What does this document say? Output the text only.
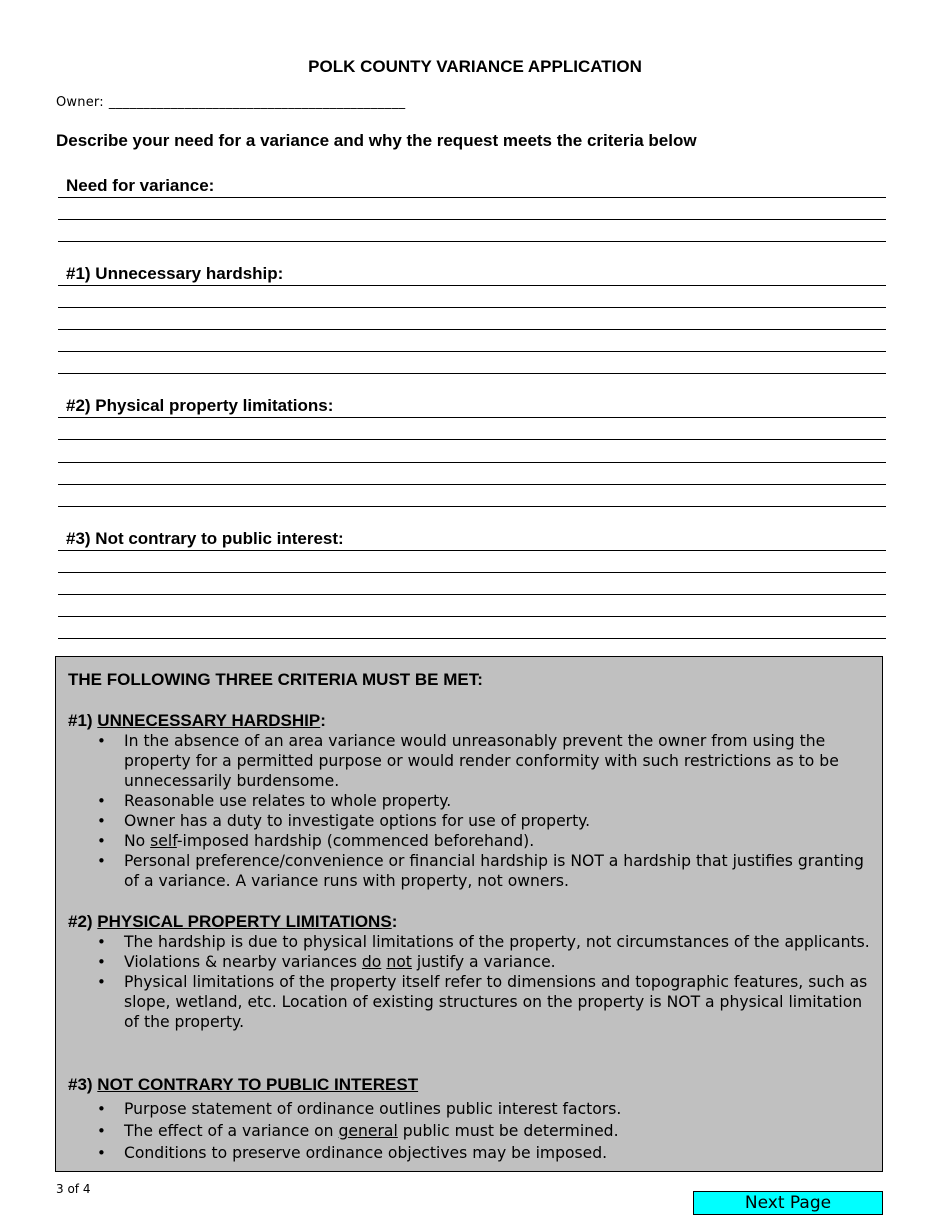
POLK COUNTY VARIANCE APPLICATION
Owner: ___________________________________________
Describe your need for a variance and why the request meets the criteria below
Need for variance:
#1) Unnecessary hardship:
#2) Physical property limitations:
#3) Not contrary to public interest:
THE FOLLOWING THREE CRITERIA MUST BE MET:
#1) UNNECESSARY HARDSHIP:
• In the absence of an area variance would unreasonably prevent the owner from using the property for a permitted purpose or would render conformity with such restrictions as to be unnecessarily burdensome.
• Reasonable use relates to whole property.
• Owner has a duty to investigate options for use of property.
• No self-imposed hardship (commenced beforehand).
• Personal preference/convenience or financial hardship is NOT a hardship that justifies granting of a variance. A variance runs with property, not owners.
#2) PHYSICAL PROPERTY LIMITATIONS:
• The hardship is due to physical limitations of the property, not circumstances of the applicants.
• Violations & nearby variances do not justify a variance.
• Physical limitations of the property itself refer to dimensions and topographic features, such as slope, wetland, etc. Location of existing structures on the property is NOT a physical limitation of the property.
#3) NOT CONTRARY TO PUBLIC INTEREST
• Purpose statement of ordinance outlines public interest factors.
• The effect of a variance on general public must be determined.
• Conditions to preserve ordinance objectives may be imposed.
3 of 4
Next Page
